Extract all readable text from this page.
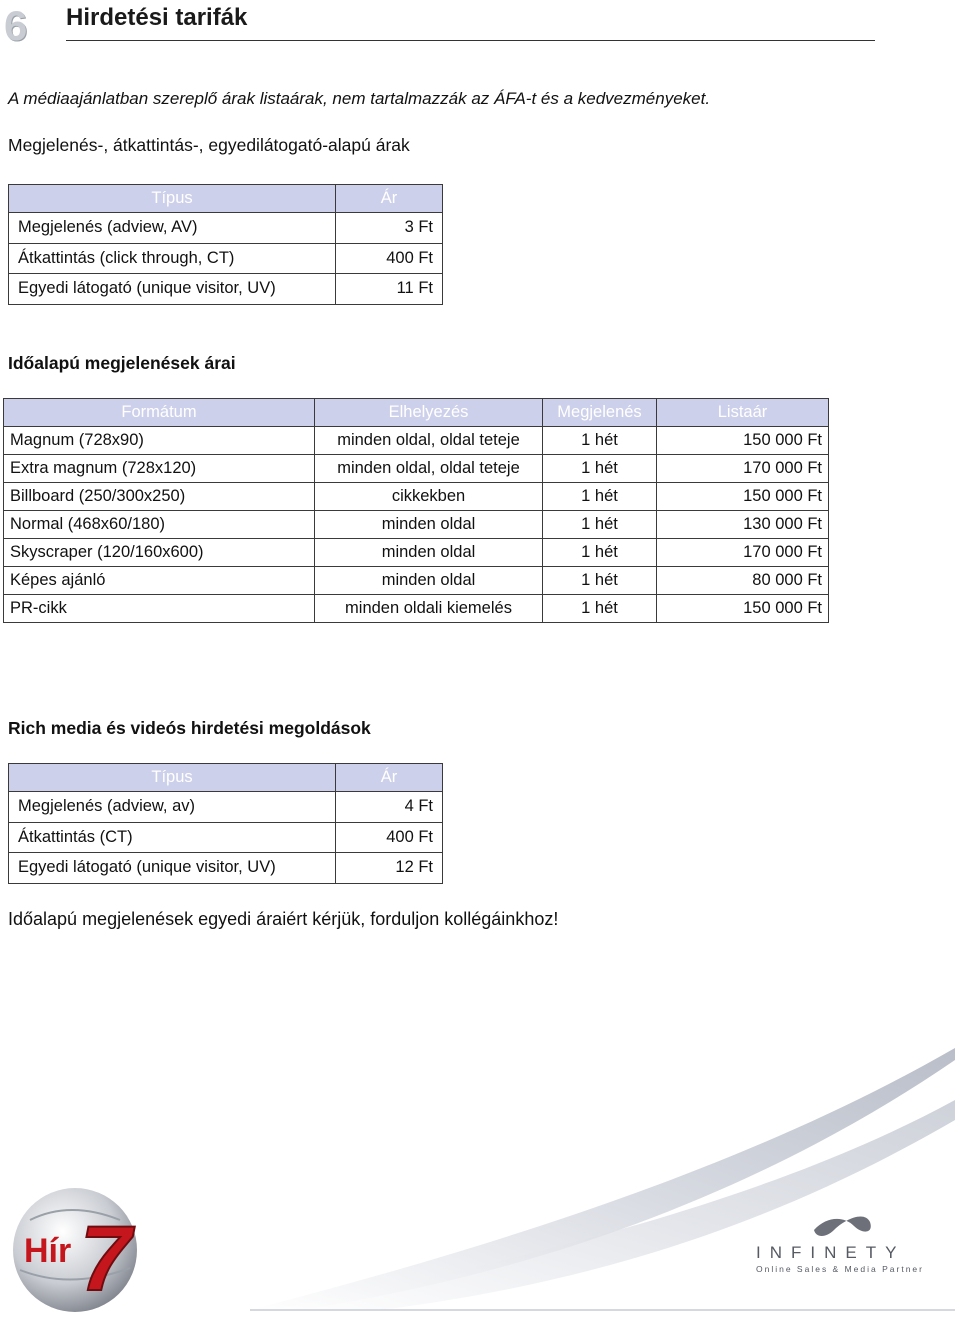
6 Hirdetési tarifák
A médiaajánlatban szereplő árak listaárak, nem tartalmazzák az ÁFA-t és a kedvezményeket.
Megjelenés-, átkattintás-, egyedilátogató-alapú árak
Típus	Ár
Megjelenés (adview, AV)	3 Ft
Átkattintás (click through, CT)	400 Ft
Egyedi látogató (unique visitor, UV)	11 Ft
Időalapú megjelenések árai
Formátum	Elhelyezés	Megjelenés	Listaár
Magnum (728x90)	minden oldal, oldal teteje	1 hét	150 000 Ft
Extra magnum (728x120)	minden oldal, oldal teteje	1 hét	170 000 Ft
Billboard (250/300x250)	cikkekben	1 hét	150 000 Ft
Normal (468x60/180)	minden oldal	1 hét	130 000 Ft
Skyscraper (120/160x600)	minden oldal	1 hét	170 000 Ft
Képes ajánló	minden oldal	1 hét	80 000 Ft
PR-cikk	minden oldali kiemelés	1 hét	150 000 Ft
Rich media és videós hirdetési megoldások
Típus	Ár
Megjelenés (adview, av)	4 Ft
Átkattintás (CT)	400 Ft
Egyedi látogató (unique visitor, UV)	12 Ft
Időalapú megjelenések egyedi áraiért kérjük, forduljon kollégáinkhoz!
Hír 7	INFINETY
Online Sales & Media Partner
